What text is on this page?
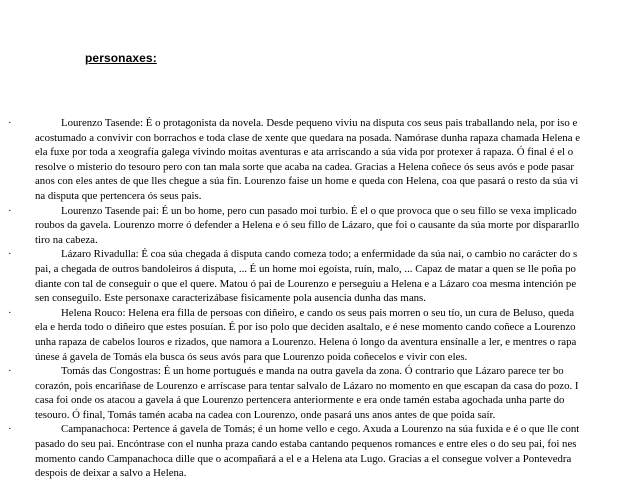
personaxes:
·	Lourenzo Tasende: É o protagonista da novela. Desde pequeno viviu na disputa cos seus pais traballando nela, por iso e
acostumado a convivir con borrachos e toda clase de xente que quedara na posada. Namórase dunha rapaza chamada Helena e
ela fuxe por toda a xeografía galega vivindo moitas aventuras e ata arriscando a súa vida por protexer á rapaza. Ó final é el o
resolve o misterio do tesouro pero con tan mala sorte que acaba na cadea. Gracias a Helena coñece ós seus avós e pode pasar
anos con eles antes de que lles chegue a súa fin. Lourenzo faise un home e queda con Helena, coa que pasará o resto da súa vi
na disputa que pertencera ós seus pais.
·	Lourenzo Tasende pai: É un bo home, pero cun pasado moi turbio. É el o que provoca que o seu fillo se vexa implicado
roubos da gavela. Lourenzo morre ó defender a Helena e ó seu fillo de Lázaro, que foi o causante da súa morte por dispararllo
tiro na cabeza.
·	Lázaro Rivadulla: É coa súa chegada á disputa cando comeza todo; a enfermidade da súa nai, o cambio no carácter do s
pai, a chegada de outros bandoleiros á disputa, ... É un home moi egoísta, ruín, malo, ... Capaz de matar a quen se lle poña po
diante con tal de conseguir o que el quere. Matou ó pai de Lourenzo e perseguiu a Helena e a Lázaro coa mesma intención pe
sen conseguilo. Este personaxe caracterizábase fisicamente pola ausencia dunha das mans.
·	Helena Rouco: Helena era filla de persoas con diñeiro, e cando os seus pais morren o seu tío, un cura de Beluso, queda
ela e herda todo o diñeiro que estes posuían. É por iso polo que deciden asaltalo, e é nese momento cando coñece a Lourenzo
unha rapaza de cabelos louros e rizados, que namora a Lourenzo. Helena ó longo da aventura ensínalle a ler, e mentres o rapa
únese á gavela de Tomás ela busca ós seus avós para que Lourenzo poida coñecelos e vivir con eles.
·	Tomás das Congostras: É un home portugués e manda na outra gavela da zona. Ó contrario que Lázaro parece ter bo
corazón, pois encariñase de Lourenzo e arríscase para tentar salvalo de Lázaro no momento en que escapan da casa do pozo. I
casa foi onde os atacou a gavela á que Lourenzo pertencera anteriormente e era onde tamén estaba agochada unha parte do
tesouro. Ó final, Tomás tamén acaba na cadea con Lourenzo, onde pasará uns anos antes de que poida saír.
·	Campanachoca: Pertence á gavela de Tomás; é un home vello e cego. Axuda a Lourenzo na súa fuxida e é o que lle cont
pasado do seu pai. Encóntrase con el nunha praza cando estaba cantando pequenos romances e entre eles o do seu pai, foi nes
momento cando Campanachoca dille que o acompañará a el e a Helena ata Lugo. Gracias a el consegue volver a Pontevedra
despois de deixar a salvo a Helena.
